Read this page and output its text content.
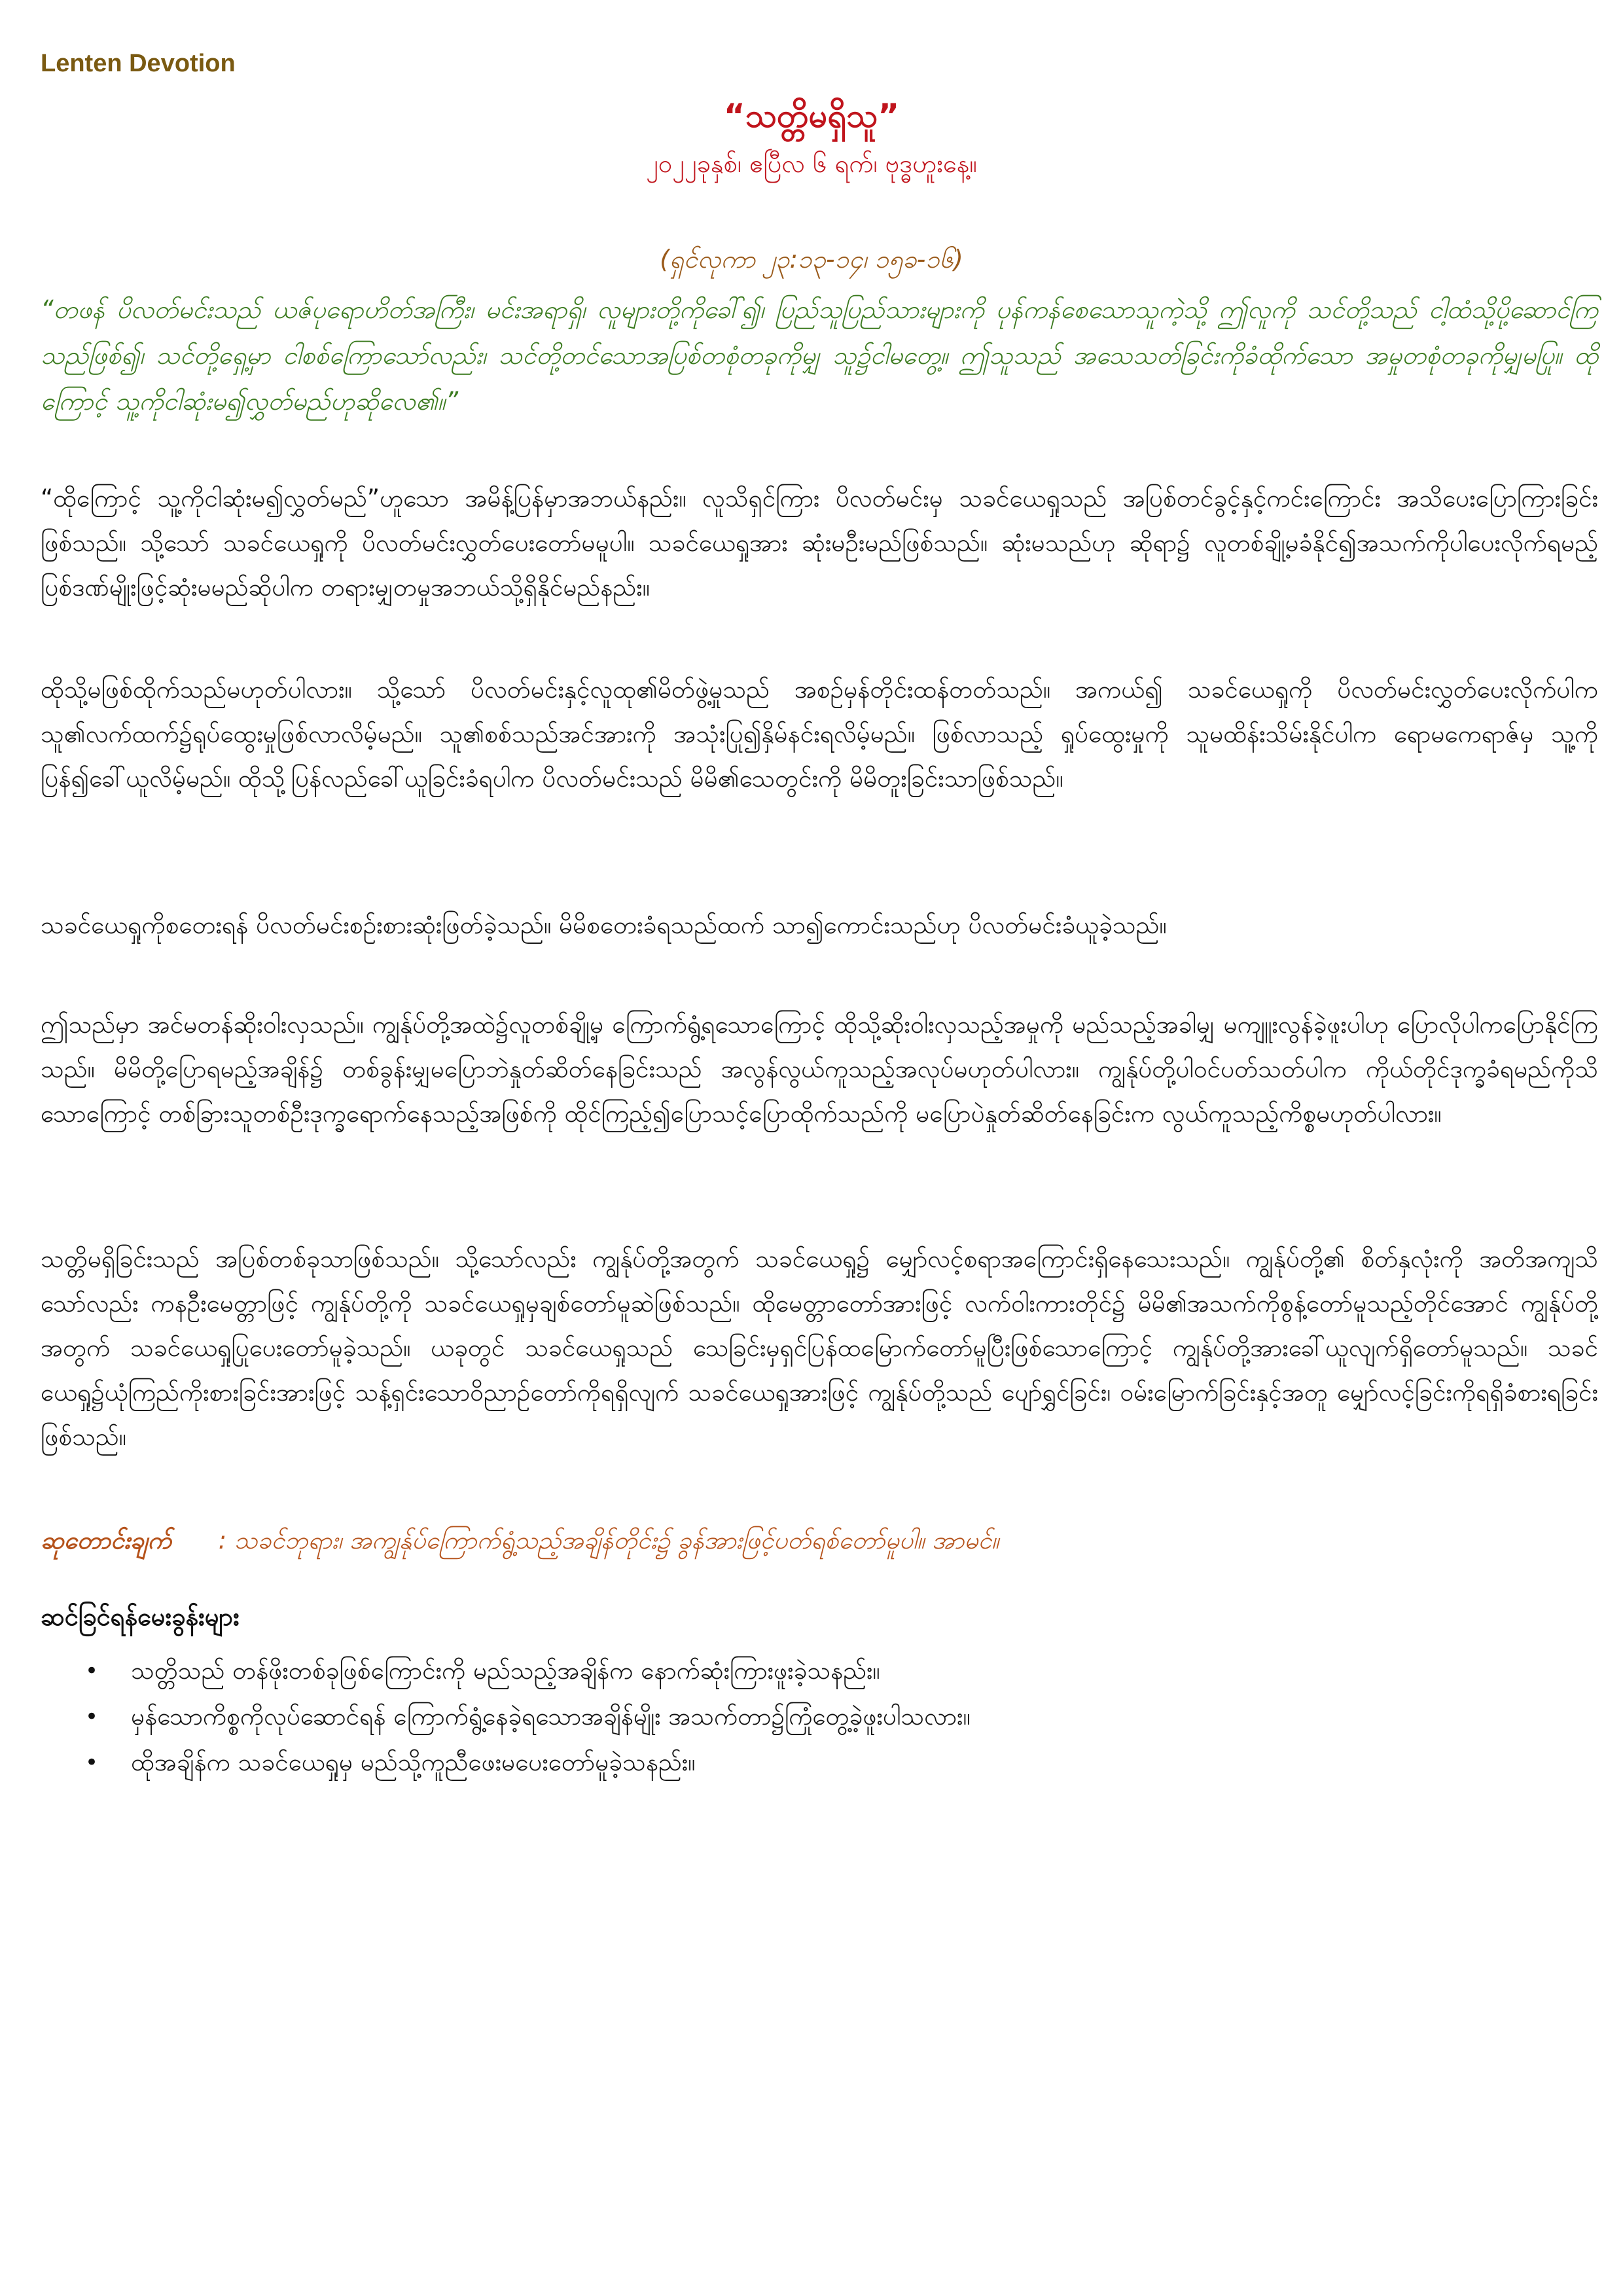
Lenten Devotion
“သတ္တိမရှိသူ”
၂၀၂၂ခုနှစ်၊ ဧပြီလ ၆ ရက်၊ ဗုဒ္ဓဟူးနေ့။
(ရှင်လုကာ ၂၃:၁၃-၁၄၊ ၁၅ခ-၁၆)
“တဖန် ပိလတ်မင်းသည် ယဇ်ပုရောဟိတ်အကြီး၊ မင်းအရာရှိ၊ လူများတို့ကိုခေါ်၍၊ ပြည်သူပြည်သားများကို ပုန်ကန်စေသောသူကဲ့သို့ ဤလူကို သင်တို့သည် ငါ့ထံသို့ပို့ဆောင်ကြသည်ဖြစ်၍၊ သင်တို့ရှေ့မှာ ငါစစ်ကြောသော်လည်း၊ သင်တို့တင်သောအပြစ်တစုံတခုကိုမျှ သူ၌ငါမတွေ့။ ဤသူသည် အသေသတ်ခြင်းကိုခံထိုက်သော အမှုတစုံတခုကိုမျှမပြု။ ထိုကြောင့် သူ့ကိုငါဆုံးမ၍လွှတ်မည်ဟုဆိုလေ၏။”
“ထိုကြောင့် သူ့ကိုငါဆုံးမ၍လွှတ်မည်”ဟူသော အမိန့်ပြန်မှာအဘယ်နည်း။ လူသိရှင်ကြား ပိလတ်မင်းမှ သခင်ယေရှုသည် အပြစ်တင်ခွင့်နှင့်ကင်းကြောင်း အသိပေးပြောကြားခြင်းဖြစ်သည်။ သို့သော် သခင်ယေရှုကို ပိလတ်မင်းလွှတ်ပေးတော်မမူပါ။ သခင်ယေရှုအား ဆုံးမဦးမည်ဖြစ်သည်။ ဆုံးမသည်ဟု ဆိုရာ၌ လူတစ်ချို့မခံနိုင်၍အသက်ကိုပါပေးလိုက်ရမည့် ပြစ်ဒဏ်မျိုးဖြင့်ဆုံးမမည်ဆိုပါက တရားမျှတမှုအဘယ်သို့ရှိနိုင်မည်နည်း။
ထိုသို့မဖြစ်ထိုက်သည်မဟုတ်ပါလား။ သို့သော် ပိလတ်မင်းနှင့်လူထု၏မိတ်ဖွဲ့မှုသည် အစဉ်မှန်တိုင်းထန်တတ်သည်။ အကယ်၍ သခင်ယေရှုကို ပိလတ်မင်းလွှတ်ပေးလိုက်ပါက သူ၏လက်ထက်၌ရုပ်ထွေးမှုဖြစ်လာလိမ့်မည်။ သူ၏စစ်သည်အင်အားကို အသုံးပြု၍နှိမ်နင်းရလိမ့်မည်။ ဖြစ်လာသည့် ရှုပ်ထွေးမှုကို သူမထိန်းသိမ်းနိုင်ပါက ရောမကေရာဇ်မှ သူ့ကိုပြန်၍ခေါ်ယူလိမ့်မည်။ ထိုသို့ပြန်လည်ခေါ်ယူခြင်းခံရပါက ပိလတ်မင်းသည် မိမိ၏သေတွင်းကို မိမိတူးခြင်းသာဖြစ်သည်။
သခင်ယေရှုကိုစတေးရန် ပိလတ်မင်းစဉ်းစားဆုံးဖြတ်ခဲ့သည်။ မိမိစတေးခံရသည်ထက် သာ၍ကောင်းသည်ဟု ပိလတ်မင်းခံယူခဲ့သည်။
ဤသည်မှာ အင်မတန်ဆိုးဝါးလှသည်။ ကျွန်ုပ်တို့အထဲ၌လူတစ်ချို့မှ ကြောက်ရွံ့ရသောကြောင့် ထိုသို့ဆိုးဝါးလှသည့်အမှုကို မည်သည့်အခါမျှ မကျူးလွန်ခဲ့ဖူးပါဟု ပြောလိုပါကပြောနိုင်ကြသည်။ မိမိတို့ပြောရမည့်အချိန်၌ တစ်ခွန်းမျှမပြောဘဲနှုတ်ဆိတ်နေခြင်းသည် အလွန်လွယ်ကူသည့်အလုပ်မဟုတ်ပါလား။ ကျွန်ုပ်တို့ပါဝင်ပတ်သတ်ပါက ကိုယ်တိုင်ဒုက္ခခံရမည်ကိုသိသောကြောင့် တစ်ခြားသူတစ်ဦးဒုက္ခရောက်နေသည့်အဖြစ်ကို ထိုင်ကြည့်၍ပြောသင့်ပြောထိုက်သည်ကို မပြောပဲနှုတ်ဆိတ်နေခြင်းက လွယ်ကူသည့်ကိစ္စမဟုတ်ပါလား။
သတ္တိမရှိခြင်းသည် အပြစ်တစ်ခုသာဖြစ်သည်။ သို့သော်လည်း ကျွန်ုပ်တို့အတွက် သခင်ယေရှု၌ မျှော်လင့်စရာအကြောင်းရှိနေသေးသည်။ ကျွန်ုပ်တို့၏ စိတ်နှလုံးကို အတိအကျသိသော်လည်း ကနဦးမေတ္တာဖြင့် ကျွန်ုပ်တို့ကို သခင်ယေရှုမှချစ်တော်မူဆဲဖြစ်သည်။ ထိုမေတ္တာတော်အားဖြင့် လက်ဝါးကားတိုင်၌ မိမိ၏အသက်ကိုစွန့်တော်မူသည့်တိုင်အောင် ကျွန်ုပ်တို့အတွက် သခင်ယေရှုပြုပေးတော်မူခဲ့သည်။ ယခုတွင် သခင်ယေရှုသည် သေခြင်းမှရှင်ပြန်ထမြောက်တော်မူပြီးဖြစ်သောကြောင့် ကျွန်ုပ်တို့အားခေါ်ယူလျက်ရှိတော်မူသည်။ သခင်ယေရှု၌ယုံကြည်ကိုးစားခြင်းအားဖြင့် သန့်ရှင်းသောဝိညာဉ်တော်ကိုရရှိလျက် သခင်ယေရှုအားဖြင့် ကျွန်ုပ်တို့သည် ပျော်ရွှင်ခြင်း၊ ဝမ်းမြောက်ခြင်းနှင့်အတူ မျှော်လင့်ခြင်းကိုရရှိခံစားရခြင်းဖြစ်သည်။
ဆုတောင်းချက် : သခင်ဘုရား၊ အကျွန်ုပ်ကြောက်ရွံ့သည့်အချိန်တိုင်း၌ ခွန်အားဖြင့်ပတ်ရစ်တော်မူပါ။ အာမင်။
ဆင်ခြင်ရန်မေးခွန်းများ
• သတ္တိသည် တန်ဖိုးတစ်ခုဖြစ်ကြောင်းကို မည်သည့်အချိန်က နောက်ဆုံးကြားဖူးခဲ့သနည်း။
• မှန်သောကိစ္စကိုလုပ်ဆောင်ရန် ကြောက်ရွံ့နေခဲ့ရသောအချိန်မျိုး အသက်တာ၌ကြုံတွေ့ခဲ့ဖူးပါသလား။
• ထိုအချိန်က သခင်ယေရှုမှ မည်သို့ကူညီဖေးမပေးတော်မူခဲ့သနည်း။
